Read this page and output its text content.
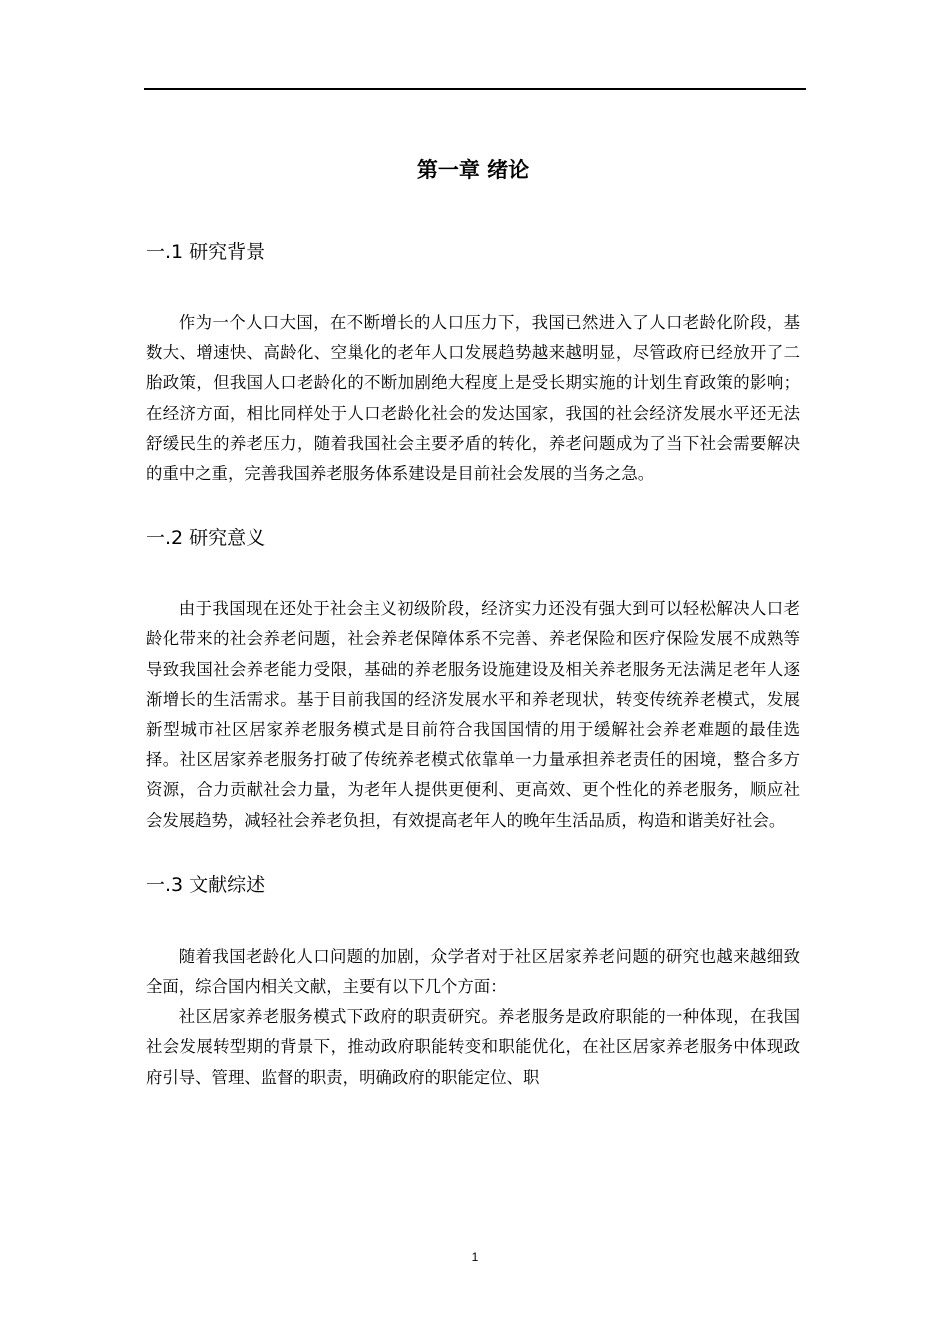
第一章 绪论
一.1 研究背景

作为一个人口大国，在不断增长的人口压力下，我国已然进入了人口老龄化阶段，基数大、增速快、高龄化、空巢化的老年人口发展趋势越来越明显，尽管政府已经放开了二胎政策，但我国人口老龄化的不断加剧绝大程度上是受长期实施的计划生育政策的影响；在经济方面，相比同样处于人口老龄化社会的发达国家，我国的社会经济发展水平还无法舒缓民生的养老压力，随着我国社会主要矛盾的转化，养老问题成为了当下社会需要解决的重中之重，完善我国养老服务体系建设是目前社会发展的当务之急。

一.2 研究意义

由于我国现在还处于社会主义初级阶段，经济实力还没有强大到可以轻松解决人口老龄化带来的社会养老问题，社会养老保障体系不完善、养老保险和医疗保险发展不成熟等导致我国社会养老能力受限，基础的养老服务设施建设及相关养老服务无法满足老年人逐渐增长的生活需求。基于目前我国的经济发展水平和养老现状，转变传统养老模式，发展新型城市社区居家养老服务模式是目前符合我国国情的用于缓解社会养老难题的最佳选择。社区居家养老服务打破了传统养老模式依靠单一力量承担养老责任的困境，整合多方资源，合力贡献社会力量，为老年人提供更便利、更高效、更个性化的养老服务，顺应社会发展趋势，减轻社会养老负担，有效提高老年人的晚年生活品质，构造和谐美好社会。

一.3 文献综述

随着我国老龄化人口问题的加剧，众学者对于社区居家养老问题的研究也越来越细致全面，综合国内相关文献，主要有以下几个方面：

社区居家养老服务模式下政府的职责研究。养老服务是政府职能的一种体现，在我国社会发展转型期的背景下，推动政府职能转变和职能优化，在社区居家养老服务中体现政府引导、管理、监督的职责，明确政府的职能定位、职

1
